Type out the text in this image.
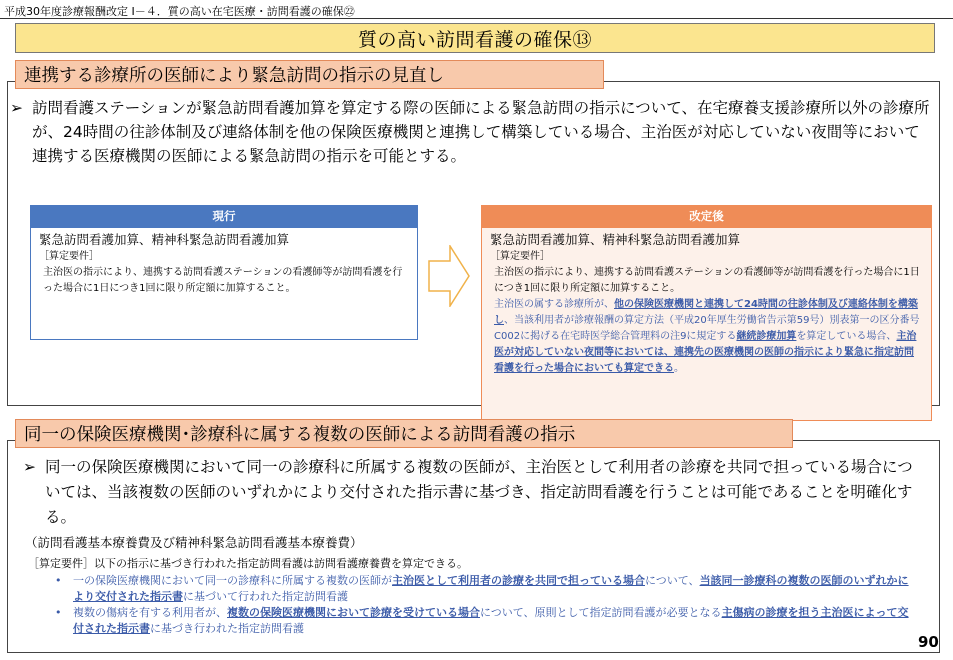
平成30年度診療報酬改定 Ⅰ－４．質の高い在宅医療・訪問看護の確保㉒
質の高い訪問看護の確保⑬
連携する診療所の医師により緊急訪問の指示の見直し
➢ 訪問看護ステーションが緊急訪問看護加算を算定する際の医師による緊急訪問の指示について、在宅療養支援診療所以外の診療所が、24時間の往診体制及び連絡体制を他の保険医療機関と連携して構築している場合、主治医が対応していない夜間等において連携する医療機関の医師による緊急訪問の指示を可能とする。
現行
緊急訪問看護加算、精神科緊急訪問看護加算
［算定要件］
主治医の指示により、連携する訪問看護ステーションの看護師等が訪問看護を行った場合に1日につき1回に限り所定額に加算すること。
改定後
緊急訪問看護加算、精神科緊急訪問看護加算
［算定要件］
主治医の指示により、連携する訪問看護ステーションの看護師等が訪問看護を行った場合に1日につき1回に限り所定額に加算すること。
主治医の属する診療所が、他の保険医療機関と連携して24時間の往診体制及び連絡体制を構築し、当該利用者が診療報酬の算定方法（平成20年厚生労働省告示第59号）別表第一の区分番号C002に掲げる在宅時医学総合管理料の注9に規定する継続診療加算を算定している場合、主治医が対応していない夜間等においては、連携先の医療機関の医師の指示により緊急に指定訪問看護を行った場合においても算定できる。
同一の保険医療機関･診療科に属する複数の医師による訪問看護の指示
➢ 同一の保険医療機関において同一の診療科に所属する複数の医師が、主治医として利用者の診療を共同で担っている場合については、当該複数の医師のいずれかにより交付された指示書に基づき、指定訪問看護を行うことは可能であることを明確化する。
（訪問看護基本療養費及び精神科緊急訪問看護基本療養費）
［算定要件］以下の指示に基づき行われた指定訪問看護は訪問看護療養費を算定できる。
• 一の保険医療機関において同一の診療科に所属する複数の医師が主治医として利用者の診療を共同で担っている場合について、当該同一診療科の複数の医師のいずれかにより交付された指示書に基づいて行われた指定訪問看護
• 複数の傷病を有する利用者が、複数の保険医療機関において診療を受けている場合について、原則として指定訪問看護が必要となる主傷病の診療を担う主治医によって交付された指示書に基づき行われた指定訪問看護
90
